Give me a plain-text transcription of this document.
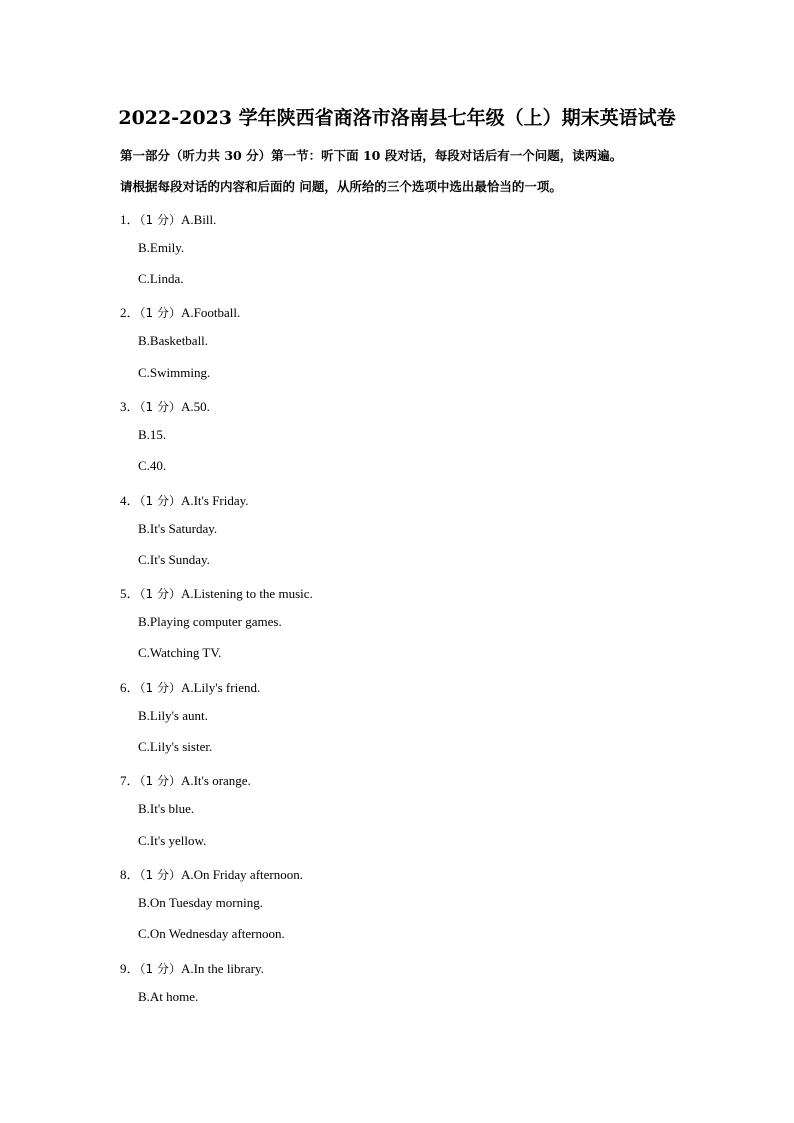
2022-2023 学年陕西省商洛市洛南县七年级（上）期末英语试卷
第一部分（听力共 30 分）第一节：听下面 10 段对话，每段对话后有一个问题，读两遍。
请根据每段对话的内容和后面的 问题，从所给的三个选项中选出最恰当的一项。
1．（1 分）A.Bill.
B.Emily.
C.Linda.
2．（1 分）A.Football.
B.Basketball.
C.Swimming.
3．（1 分）A.50.
B.15.
C.40.
4．（1 分）A.It's Friday.
B.It's Saturday.
C.It's Sunday.
5．（1 分）A.Listening to the music.
B.Playing computer games.
C.Watching TV.
6．（1 分）A.Lily's friend.
B.Lily's aunt.
C.Lily's sister.
7．（1 分）A.It's orange.
B.It's blue.
C.It's yellow.
8．（1 分）A.On Friday afternoon.
B.On Tuesday morning.
C.On Wednesday afternoon.
9．（1 分）A.In the library.
B.At home.
